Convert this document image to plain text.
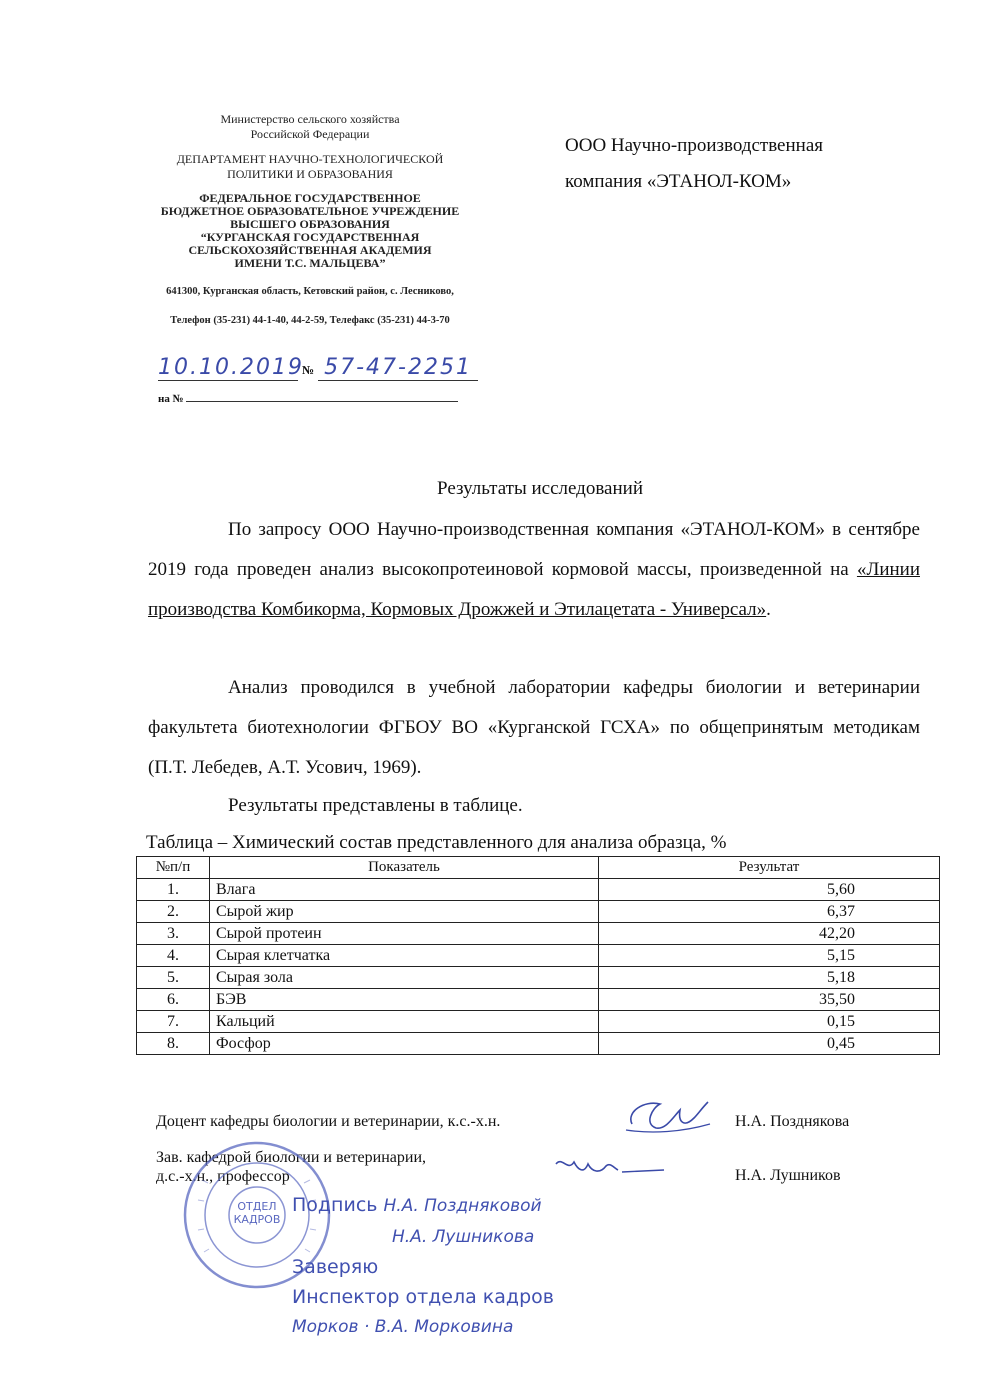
Министерство сельского хозяйства
Российской Федерации
ДЕПАРТАМЕНТ НАУЧНО-ТЕХНОЛОГИЧЕСКОЙ
ПОЛИТИКИ И ОБРАЗОВАНИЯ
ФЕДЕРАЛЬНОЕ ГОСУДАРСТВЕННОЕ
БЮДЖЕТНОЕ ОБРАЗОВАТЕЛЬНОЕ УЧРЕЖДЕНИЕ
ВЫСШЕГО ОБРАЗОВАНИЯ
“КУРГАНСКАЯ ГОСУДАРСТВЕННАЯ
СЕЛЬСКОХОЗЯЙСТВЕННАЯ АКАДЕМИЯ
ИМЕНИ Т.С. МАЛЬЦЕВА”
641300, Курганская область, Кетовский район, с. Лесниково,
Телефон (35-231) 44-1-40, 44-2-59, Телефакс (35-231) 44-3-70
10.10.2019 № 57-47-2251
на №
ООО Научно-производственная
компания «ЭТАНОЛ-КОМ»
Результаты исследований
По запросу ООО Научно-производственная компания «ЭТАНОЛ-КОМ» в сентябре 2019 года проведен анализ высокопротеиновой кормовой массы, произведенной на «Линии производства Комбикорма, Кормовых Дрожжей и Этилацетата - Универсал».
Анализ проводился в учебной лаборатории кафедры биологии и ветеринарии факультета биотехнологии ФГБОУ ВО «Курганской ГСХА» по общепринятым методикам (П.Т. Лебедев, А.Т. Усович, 1969).
Результаты представлены в таблице.
Таблица – Химический состав представленного для анализа образца, %
№п/п	Показатель	Результат
1.	Влага	5,60
2.	Сырой жир	6,37
3.	Сырой протеин	42,20
4.	Сырая клетчатка	5,15
5.	Сырая зола	5,18
6.	БЭВ	35,50
7.	Кальций	0,15
8.	Фосфор	0,45
Доцент кафедры биологии и ветеринарии, к.с.-х.н.	Н.А. Позднякова
Зав. кафедрой биологии и ветеринарии,
д.с.-х.н., профессор	Н.А. Лушников
ОТДЕЛ КАДРОВ
Подпись Н.А. Поздняковой
Н.А. Лушникова
Заверяю
Инспектор отдела кадров
Морков · В.А. Морковина
